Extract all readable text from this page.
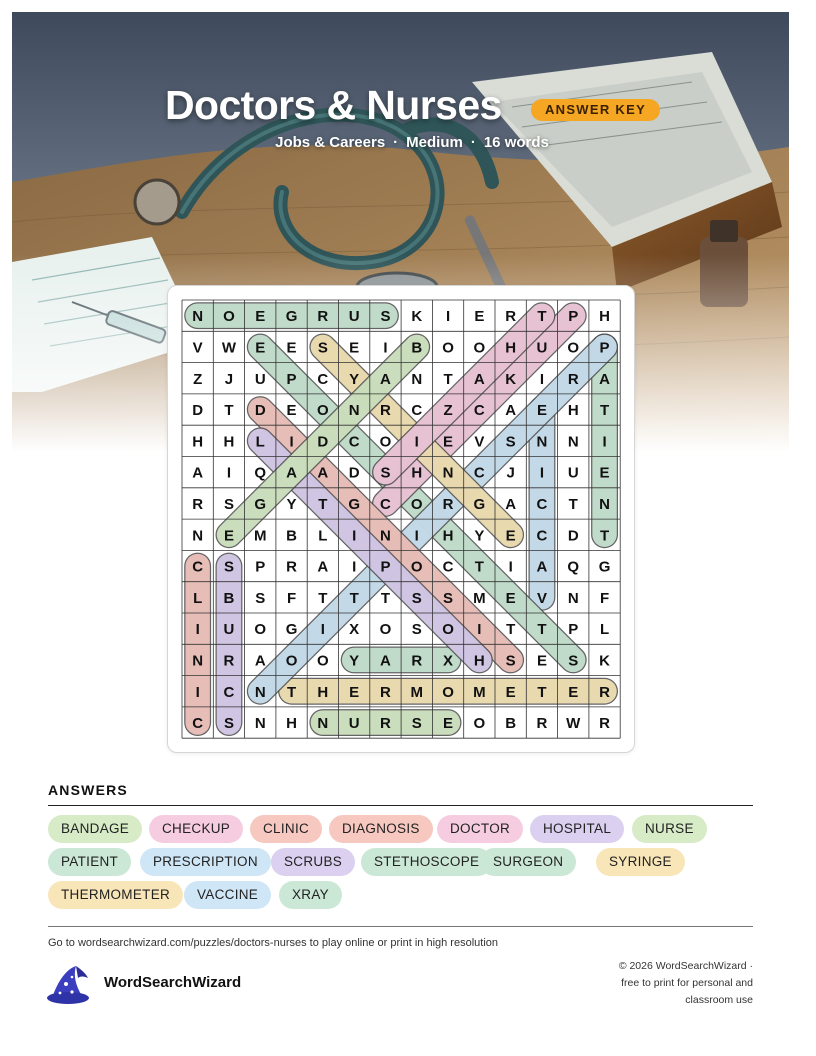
Doctors & Nurses	ANSWER KEY
Jobs & Careers · Medium · 16 words
N O E G R U S K I E R T P H
V W E E S E I B O O H U O P
Z J U P C Y A N T A K I R A
D T D E O N R C Z C A E H T
H H L I D C O I E V S N N I
A I Q A A D S H N C J I U E
R S G Y T G C O R G A C T N
N E M B L I N I H Y E C D T
C S P R A I P O C T I A Q G
L B S F T T T S S M E V N F
I U O G I X O S O I T T P L
N R A O O Y A R X H S E S K
I C N T H E R M O M E T E R
C S N H N U R S E O B R W R
ANSWERS
BANDAGE	CHECKUP	CLINIC	DIAGNOSIS	DOCTOR	HOSPITAL	NURSE
PATIENT	PRESCRIPTION	SCRUBS	STETHOSCOPE	SURGEON	SYRINGE
THERMOMETER	VACCINE	XRAY
Go to wordsearchwizard.com/puzzles/doctors-nurses to play online or print in high resolution
WordSearchWizard
© 2026 WordSearchWizard ·
free to print for personal and
classroom use
